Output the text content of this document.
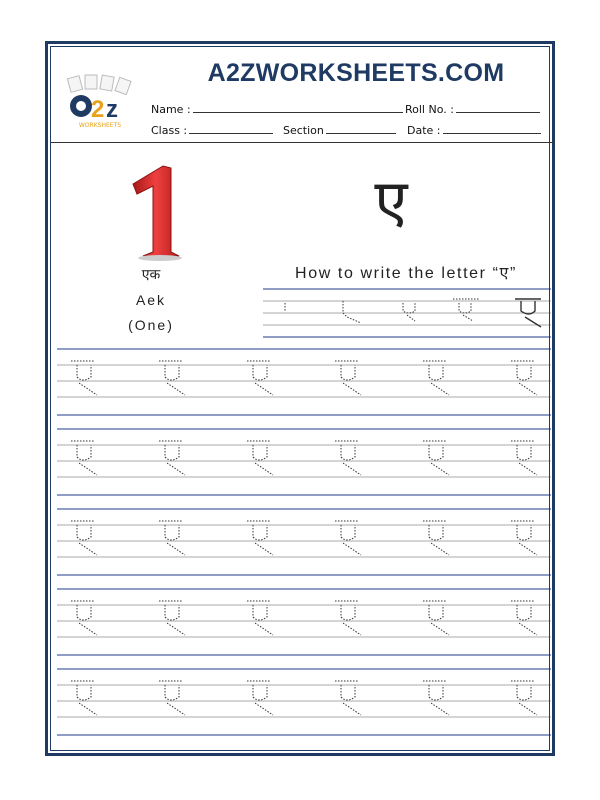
A2ZWORKSHEETS.COM
2 z
WORKSHEETS
Name :	Roll No. :
Class :	Section	Date :
1
एक
Aek
(One)
ए
How to write the letter “ए”
